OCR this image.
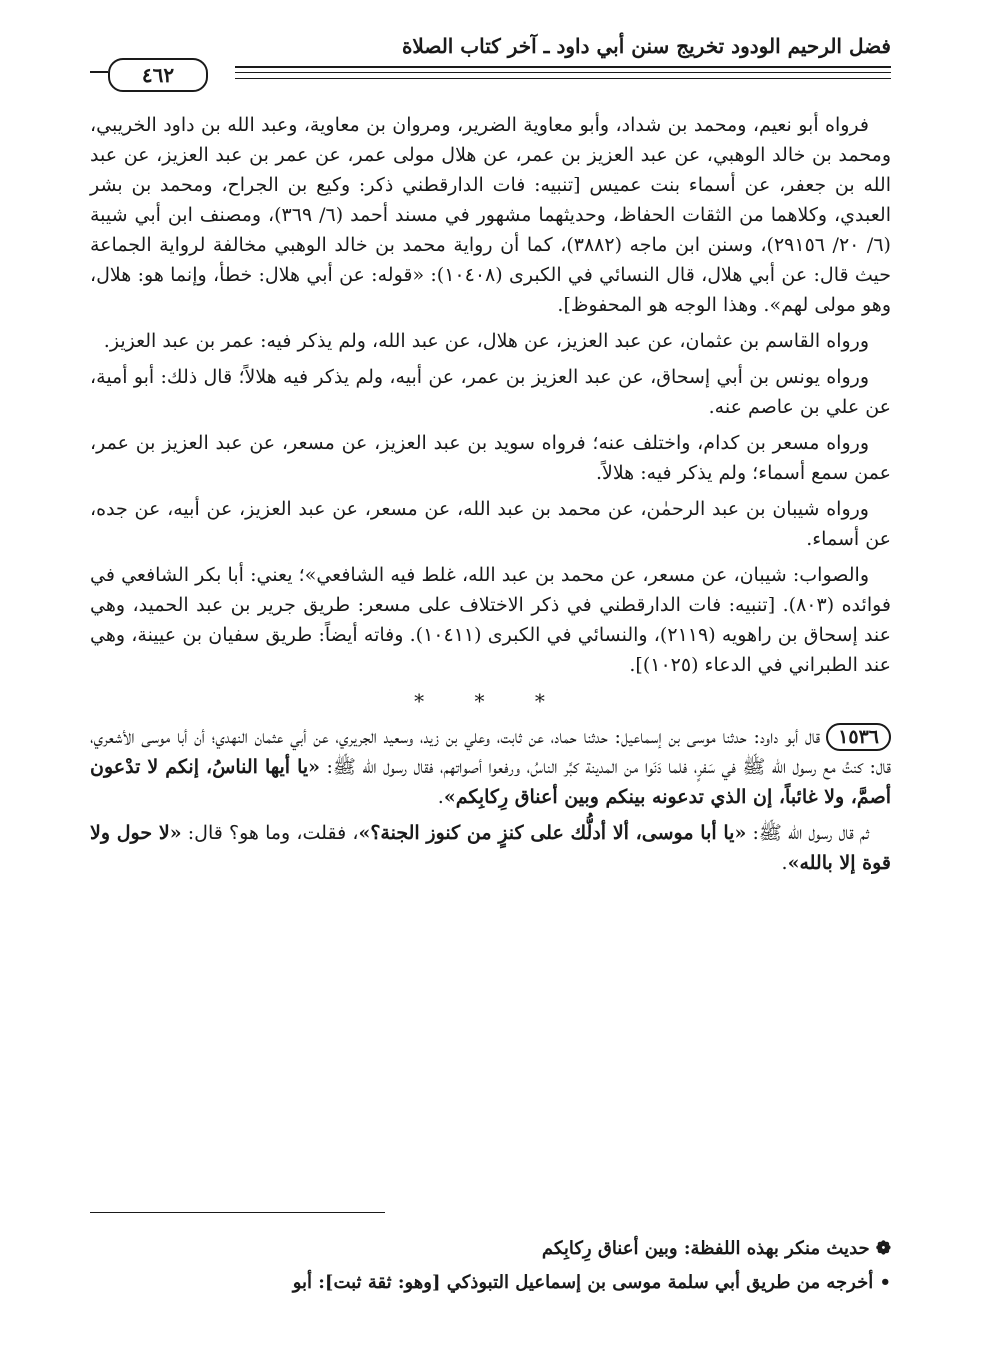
فضل الرحيم الودود تخريج سنن أبي داود ـ آخر كتاب الصلاة
٤٦٢

فرواه أبو نعيم، ومحمد بن شداد، وأبو معاوية الضرير، ومروان بن معاوية، وعبد الله بن داود الخريبي، ومحمد بن خالد الوهبي، عن عبد العزيز بن عمر، عن هلال مولى عمر، عن عمر بن عبد العزيز، عن عبد الله بن جعفر، عن أسماء بنت عميس [تنبيه: فات الدارقطني ذكر: وكيع بن الجراح، ومحمد بن بشر العبدي، وكلاهما من الثقات الحفاظ، وحديثهما مشهور في مسند أحمد (٦/ ٣٦٩)، ومصنف ابن أبي شيبة (٦/ ٢٠/ ٢٩١٥٦)، وسنن ابن ماجه (٣٨٨٢)، كما أن رواية محمد بن خالد الوهبي مخالفة لرواية الجماعة حيث قال: عن أبي هلال، قال النسائي في الكبرى (١٠٤٠٨): «قوله: عن أبي هلال: خطأ، وإنما هو: هلال، وهو مولى لهم». وهذا الوجه هو المحفوظ].

ورواه القاسم بن عثمان، عن عبد العزيز، عن هلال، عن عبد الله، ولم يذكر فيه: عمر بن عبد العزيز.

ورواه يونس بن أبي إسحاق، عن عبد العزيز بن عمر، عن أبيه، ولم يذكر فيه هلالاً؛ قال ذلك: أبو أمية، عن علي بن عاصم عنه.

ورواه مسعر بن كدام، واختلف عنه؛ فرواه سويد بن عبد العزيز، عن مسعر، عن عبد العزيز بن عمر، عمن سمع أسماء؛ ولم يذكر فيه: هلالاً.

ورواه شيبان بن عبد الرحمٰن، عن محمد بن عبد الله، عن مسعر، عن عبد العزيز، عن أبيه، عن جده، عن أسماء.

والصواب: شيبان، عن مسعر، عن محمد بن عبد الله، غلط فيه الشافعي»؛ يعني: أبا بكر الشافعي في فوائده (٨٠٣). [تنبيه: فات الدارقطني في ذكر الاختلاف على مسعر: طريق جرير بن عبد الحميد، وهي عند إسحاق بن راهويه (٢١١٩)، والنسائي في الكبرى (١٠٤١١). وفاته أيضاً: طريق سفيان بن عيينة، وهي عند الطبراني في الدعاء (١٠٢٥)].

* * *

١٥٣٦قال أبو داود: حدثنا موسى بن إسماعيل: حدثنا حماد، عن ثابت، وعلي بن زيد، وسعيد الجريري، عن أبي عثمان النهدي؛ أن أبا موسى الأشعري، قال: كنتُ مع رسول الله ﷺ في سَفرٍ، فلما دَنَوا من المدينة كبَّر الناسُ، ورفعوا أصواتهم، فقال رسول الله ﷺ: «يا أيها الناسُ، إنكم لا تدْعون أصمَّ، ولا غائباً، إن الذي تدعونه بينكم وبين أعناق رِكابِكم».

ثم قال رسول الله ﷺ: «يا أبا موسى، ألا أدلُّك على كنزٍ من كنوز الجنة؟»، فقلت، وما هو؟ قال: «لا حول ولا قوة إلا بالله».

❁ حديث منكر بهذه اللفظة: وبين أعناق رِكابِكم

• أخرجه من طريق أبي سلمة موسى بن إسماعيل التبوذكي [وهو: ثقة ثبت]: أبو
